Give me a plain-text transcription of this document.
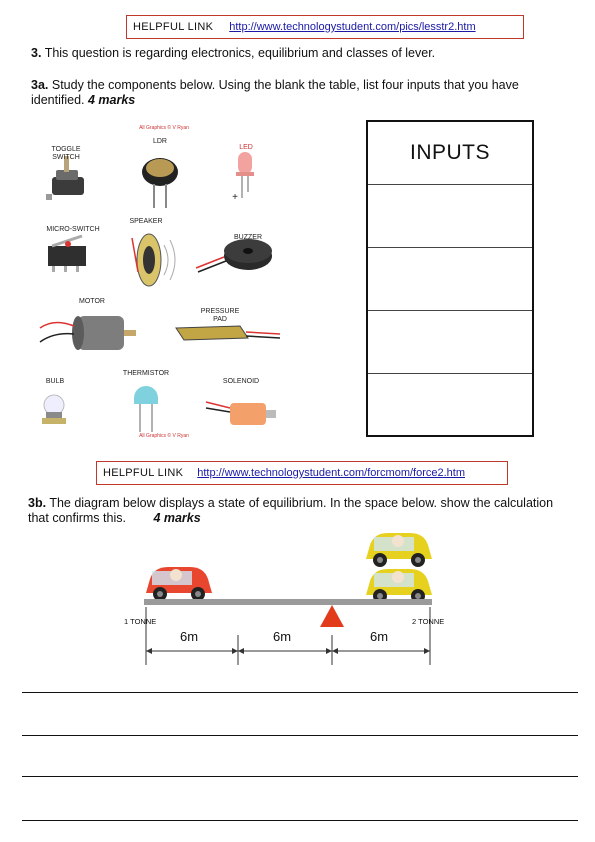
HELPFUL LINK http://www.technologystudent.com/pics/lesstr2.htm
3. This question is regarding electronics, equilibrium and classes of lever.
3a. Study the components below. Using the blank the table, list four inputs that you have identified. 4 marks
All Graphics © V Ryan
All Graphics © V Ryan
TOGGLE SWITCH
LDR
LED
+
MICRO-SWITCH
SPEAKER
BUZZER
MOTOR
PRESSURE PAD
BULB
THERMISTOR
SOLENOID
INPUTS
HELPFUL LINK http://www.technologystudent.com/forcmom/force2.htm
3b. The diagram below displays a state of equilibrium. In the space below. show the calculation that confirms this. 4 marks
1 TONNE	2 TONNE
6m	6m	6m
